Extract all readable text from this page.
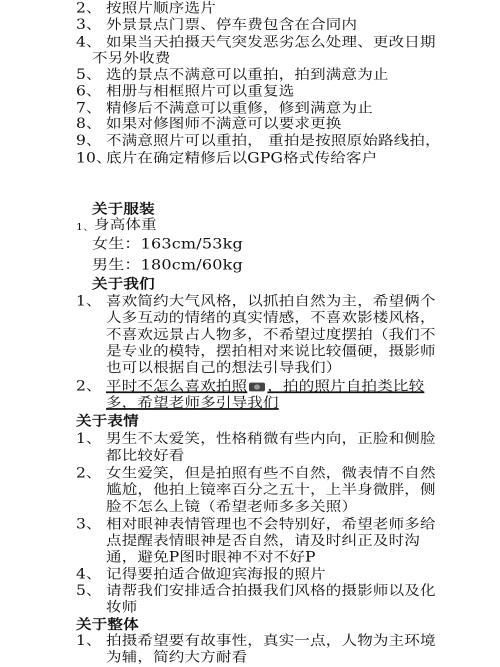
2、 按照片顺序选片
3、 外景景点门票、停车费包含在合同内
4、 如果当天拍摄天气突发恶劣怎么处理、更改日期
不另外收费
5、 选的景点不满意可以重拍，拍到满意为止
6、 相册与相框照片可以重复选
7、 精修后不满意可以重修，修到满意为止
8、 如果对修图师不满意可以要求更换
9、 不满意照片可以重拍， 重拍是按照原始路线拍，
10、
底片在确定精修后以GPG格式传给客户
关于服装
1、 身高体重
女生：163cm/53kg
男生：180cm/60kg
关于我们
1、 喜欢简约大气风格，以抓拍自然为主，希望俩个
人多互动的情绪的真实情感，不喜欢影楼风格，
不喜欢远景占人物多，不希望过度摆拍（我们不
是专业的模特，摆拍相对来说比较僵硬，摄影师
也可以根据自己的想法引导我们）
2、 平时不怎么喜欢拍照 ，拍的照片自拍类比较
多，希望老师多引导我们
关于表情
1、 男生不太爱笑，性格稍微有些内向，正脸和侧脸
都比较好看
2、 女生爱笑，但是拍照有些不自然，微表情不自然
尴尬，他拍上镜率百分之五十，上半身微胖，侧
脸不怎么上镜（希望老师多多关照）
3、 相对眼神表情管理也不会特别好，希望老师多给
点提醒表情眼神是否自然，请及时纠正及时沟
通，避免P图时眼神不对不好P
4、 记得要拍适合做迎宾海报的照片
5、 请帮我们安排适合拍摄我们风格的摄影师以及化
妆师
关于整体
1、 拍摄希望要有故事性，真实一点，人物为主环境
为辅，简约大方耐看
